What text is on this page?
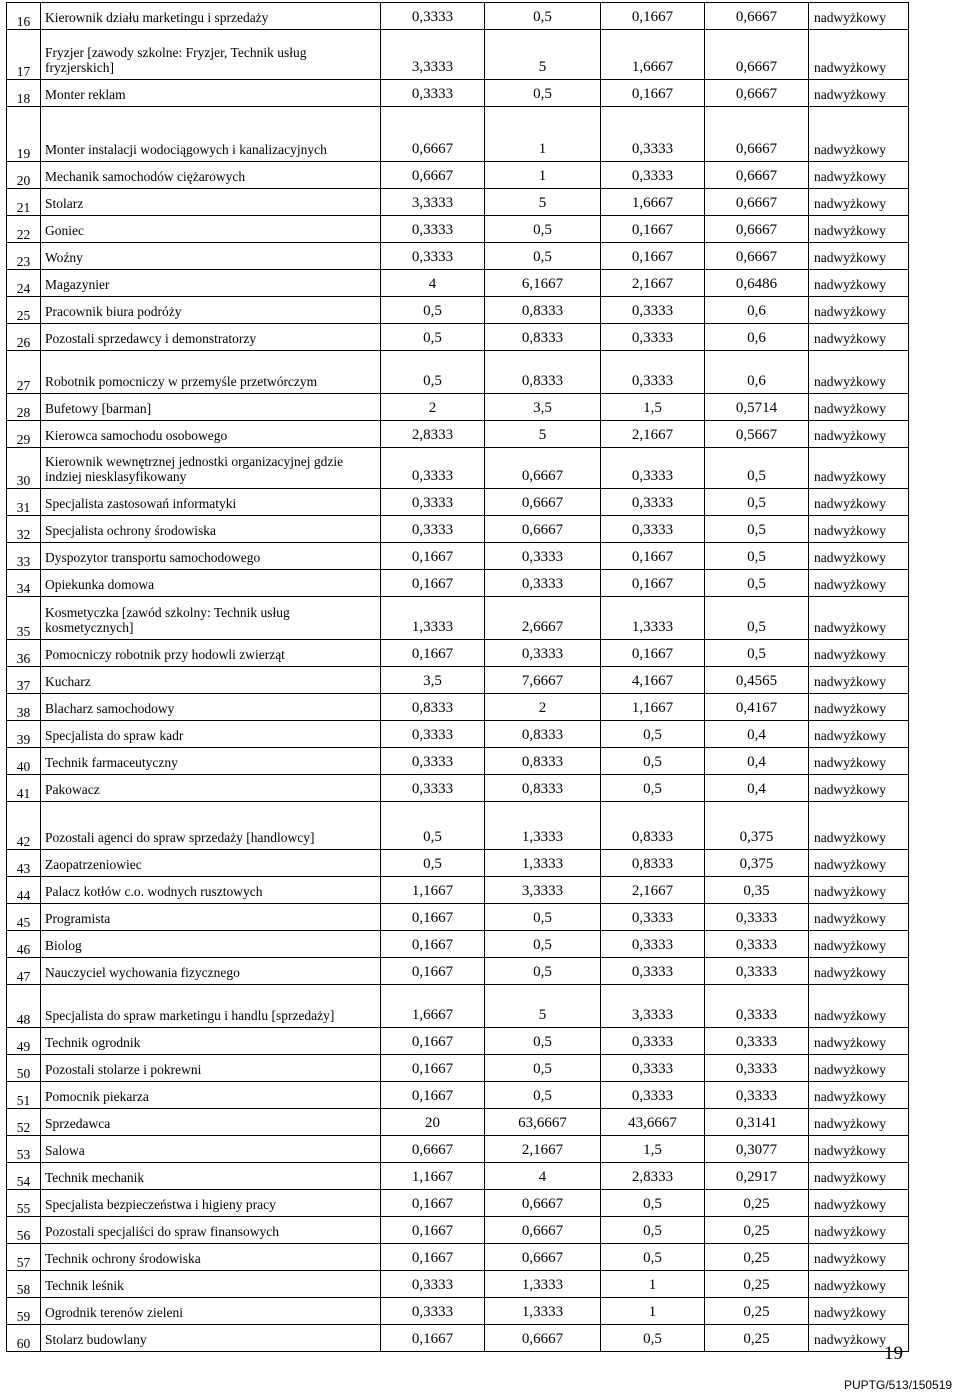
16	Kierownik działu marketingu i sprzedaży	0,3333	0,5	0,1667	0,6667	nadwyżkowy
17	Fryzjer [zawody szkolne: Fryzjer, Technik usług fryzjerskich]	3,3333	5	1,6667	0,6667	nadwyżkowy
18	Monter reklam	0,3333	0,5	0,1667	0,6667	nadwyżkowy
19	Monter instalacji wodociągowych i kanalizacyjnych	0,6667	1	0,3333	0,6667	nadwyżkowy
20	Mechanik samochodów ciężarowych	0,6667	1	0,3333	0,6667	nadwyżkowy
21	Stolarz	3,3333	5	1,6667	0,6667	nadwyżkowy
22	Goniec	0,3333	0,5	0,1667	0,6667	nadwyżkowy
23	Woźny	0,3333	0,5	0,1667	0,6667	nadwyżkowy
24	Magazynier	4	6,1667	2,1667	0,6486	nadwyżkowy
25	Pracownik biura podróży	0,5	0,8333	0,3333	0,6	nadwyżkowy
26	Pozostali sprzedawcy i demonstratorzy	0,5	0,8333	0,3333	0,6	nadwyżkowy
27	Robotnik pomocniczy w przemyśle przetwórczym	0,5	0,8333	0,3333	0,6	nadwyżkowy
28	Bufetowy [barman]	2	3,5	1,5	0,5714	nadwyżkowy
29	Kierowca samochodu osobowego	2,8333	5	2,1667	0,5667	nadwyżkowy
30	Kierownik wewnętrznej jednostki organizacyjnej gdzie indziej niesklasyfikowany	0,3333	0,6667	0,3333	0,5	nadwyżkowy
31	Specjalista zastosowań informatyki	0,3333	0,6667	0,3333	0,5	nadwyżkowy
32	Specjalista ochrony środowiska	0,3333	0,6667	0,3333	0,5	nadwyżkowy
33	Dyspozytor transportu samochodowego	0,1667	0,3333	0,1667	0,5	nadwyżkowy
34	Opiekunka domowa	0,1667	0,3333	0,1667	0,5	nadwyżkowy
35	Kosmetyczka [zawód szkolny: Technik usług kosmetycznych]	1,3333	2,6667	1,3333	0,5	nadwyżkowy
36	Pomocniczy robotnik przy hodowli zwierząt	0,1667	0,3333	0,1667	0,5	nadwyżkowy
37	Kucharz	3,5	7,6667	4,1667	0,4565	nadwyżkowy
38	Blacharz samochodowy	0,8333	2	1,1667	0,4167	nadwyżkowy
39	Specjalista do spraw kadr	0,3333	0,8333	0,5	0,4	nadwyżkowy
40	Technik farmaceutyczny	0,3333	0,8333	0,5	0,4	nadwyżkowy
41	Pakowacz	0,3333	0,8333	0,5	0,4	nadwyżkowy
42	Pozostali agenci do spraw sprzedaży [handlowcy]	0,5	1,3333	0,8333	0,375	nadwyżkowy
43	Zaopatrzeniowiec	0,5	1,3333	0,8333	0,375	nadwyżkowy
44	Palacz kotłów c.o. wodnych rusztowych	1,1667	3,3333	2,1667	0,35	nadwyżkowy
45	Programista	0,1667	0,5	0,3333	0,3333	nadwyżkowy
46	Biolog	0,1667	0,5	0,3333	0,3333	nadwyżkowy
47	Nauczyciel wychowania fizycznego	0,1667	0,5	0,3333	0,3333	nadwyżkowy
48	Specjalista do spraw marketingu i handlu [sprzedaży]	1,6667	5	3,3333	0,3333	nadwyżkowy
49	Technik ogrodnik	0,1667	0,5	0,3333	0,3333	nadwyżkowy
50	Pozostali stolarze i pokrewni	0,1667	0,5	0,3333	0,3333	nadwyżkowy
51	Pomocnik piekarza	0,1667	0,5	0,3333	0,3333	nadwyżkowy
52	Sprzedawca	20	63,6667	43,6667	0,3141	nadwyżkowy
53	Salowa	0,6667	2,1667	1,5	0,3077	nadwyżkowy
54	Technik mechanik	1,1667	4	2,8333	0,2917	nadwyżkowy
55	Specjalista bezpieczeństwa i higieny pracy	0,1667	0,6667	0,5	0,25	nadwyżkowy
56	Pozostali specjaliści do spraw finansowych	0,1667	0,6667	0,5	0,25	nadwyżkowy
57	Technik ochrony środowiska	0,1667	0,6667	0,5	0,25	nadwyżkowy
58	Technik leśnik	0,3333	1,3333	1	0,25	nadwyżkowy
59	Ogrodnik terenów zieleni	0,3333	1,3333	1	0,25	nadwyżkowy
60	Stolarz budowlany	0,1667	0,6667	0,5	0,25	nadwyżkowy
19
PUPTG/513/150519
